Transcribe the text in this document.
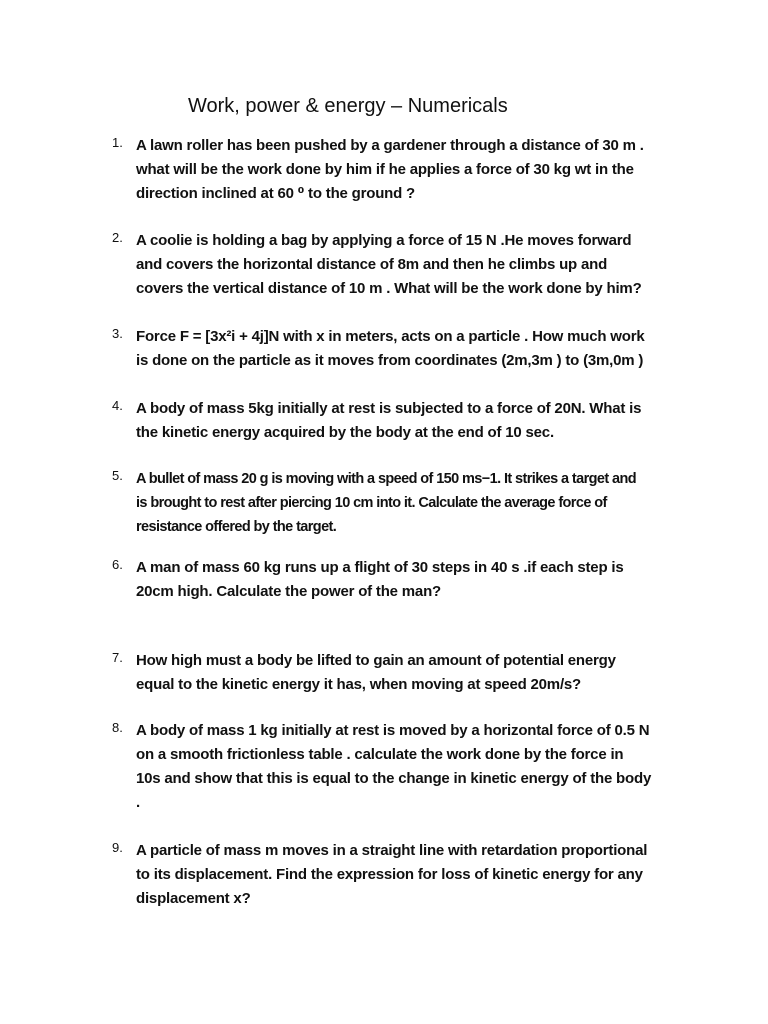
Work, power & energy – Numericals
1. A lawn roller has been pushed by a gardener through a distance of 30 m .
what will be the work done by him if he applies a force of 30 kg wt in the
direction inclined at 60 ⁰ to the ground ?
2. A coolie is holding a bag by applying a force of 15 N .He moves forward
and covers the horizontal distance of 8m and then he climbs up and
covers the vertical distance of 10 m . What will be the work done by him?
3. Force F = [3x²i + 4j]N with x in meters, acts on a particle . How much work
is done on the particle as it moves from coordinates (2m,3m ) to (3m,0m )
4. A body of mass 5kg initially at rest is subjected to a force of 20N. What is
the kinetic energy acquired by the body at the end of 10 sec.
5. A bullet of mass 20 g is moving with a speed of 150 ms−1. It strikes a target and
is brought to rest after piercing 10 cm into it. Calculate the average force of
resistance offered by the target.
6. A man of mass 60 kg runs up a flight of 30 steps in 40 s .if each step is
20cm high. Calculate the power of the man?
7. How high must a body be lifted to gain an amount of potential energy
equal to the kinetic energy it has, when moving at speed 20m/s?
8. A body of mass 1 kg initially at rest is moved by a horizontal force of 0.5 N
on a smooth frictionless table . calculate the work done by the force in
10s and show that this is equal to the change in kinetic energy of the body
.
9. A particle of mass m moves in a straight line with retardation proportional
to its displacement. Find the expression for loss of kinetic energy for any
displacement x?
